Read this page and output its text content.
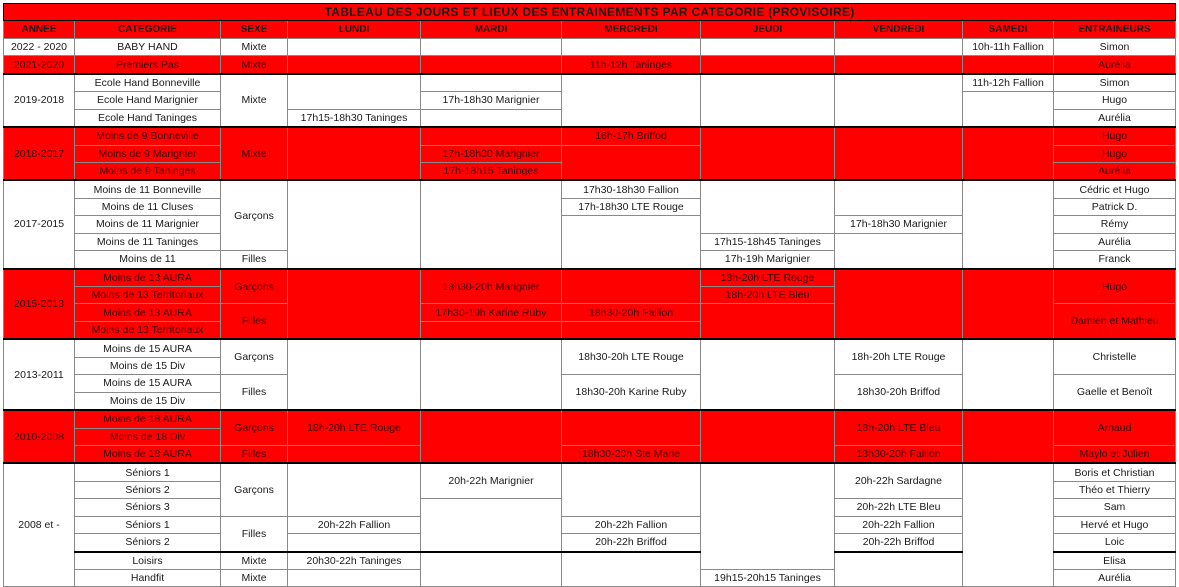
TABLEAU DES JOURS ET LIEUX DES ENTRAINEMENTS PAR CATEGORIE (PROVISOIRE)									
ANNEE	CATEGORIE	SEXE	LUNDI	MARDI	MERCREDI	JEUDI	VENDREDI	SAMEDI	ENTRAINEURS
2022 - 2020	BABY HAND	Mixte						10h-11h Fallion	Simon
2021-2020	Premiers Pas	Mixte			11h-12h Taninges				Aurélia
2019-2018	Ecole Hand Bonneville	Mixte						11h-12h Fallion	Simon
	Ecole Hand Marignier			17h-18h30 Marignier					Hugo
	Ecole Hand Taninges		17h15-18h30 Taninges						Aurélia
2018-2017	Moins de 9 Bonneville	Mixte			16h-17h Briffod				Hugo
	Moins de 9 Marignier			17h-18h30 Marignier					Hugo
	Moins de 9 Taninges			17h-18h15 Taninges					Aurélia
2017-2015	Moins de 11 Bonneville	Garçons			17h30-18h30 Fallion				Cédric et Hugo
	Moins de 11 Cluses				17h-18h30 LTE Rouge				Patrick D.
	Moins de 11 Marignier						17h-18h30 Marignier		Rémy
	Moins de 11 Taninges					17h15-18h45 Taninges			Aurélia
	Moins de 11	Filles				17h-19h Marignier			Franck
2015-2013	Moins de 13 AURA	Garçons		18h30-20h Marignier		18h-20h LTE Rouge			Hugo
	Moins de 13 Territoriaux					18h-20h LTE Bleu			
	Moins de 13 AURA	Filles		17h30-19h Karine Ruby	18h30-20h Fallion				Damien et Mathieu
	Moins de 13 Territoriaux								
2013-2011	Moins de 15 AURA	Garçons			18h30-20h LTE Rouge		18h-20h LTE Rouge		Christelle
	Moins de 15 Div								
	Moins de 15 AURA	Filles			18h30-20h Karine Ruby		18h30-20h Briffod		Gaelle et Benoît
	Moins de 15 Div								
2010-2008	Moins de 18 AURA	Garçons	18h-20h LTE Rouge				18h-20h LTE Bleu		Arnaud
	Moins de 18 Div								
	Moins de 18 AURA	Filles			18h30-20h Ste Marie		18h30-20h Fallion		Maylo et Julien
2008 et -	Séniors 1	Garçons		20h-22h Marignier			20h-22h Sardagne		Boris et Christian
	Séniors 2								Théo et Thierry
	Séniors 3						20h-22h LTE Bleu		Sam
	Séniors 1	Filles	20h-22h Fallion		20h-22h Fallion		20h-22h Fallion		Hervé et Hugo
	Séniors 2				20h-22h Briffod		20h-22h Briffod		Loic
	Loisirs	Mixte	20h30-22h Taninges						Elisa
	Handfit	Mixte				19h15-20h15 Taninges			Aurélia
